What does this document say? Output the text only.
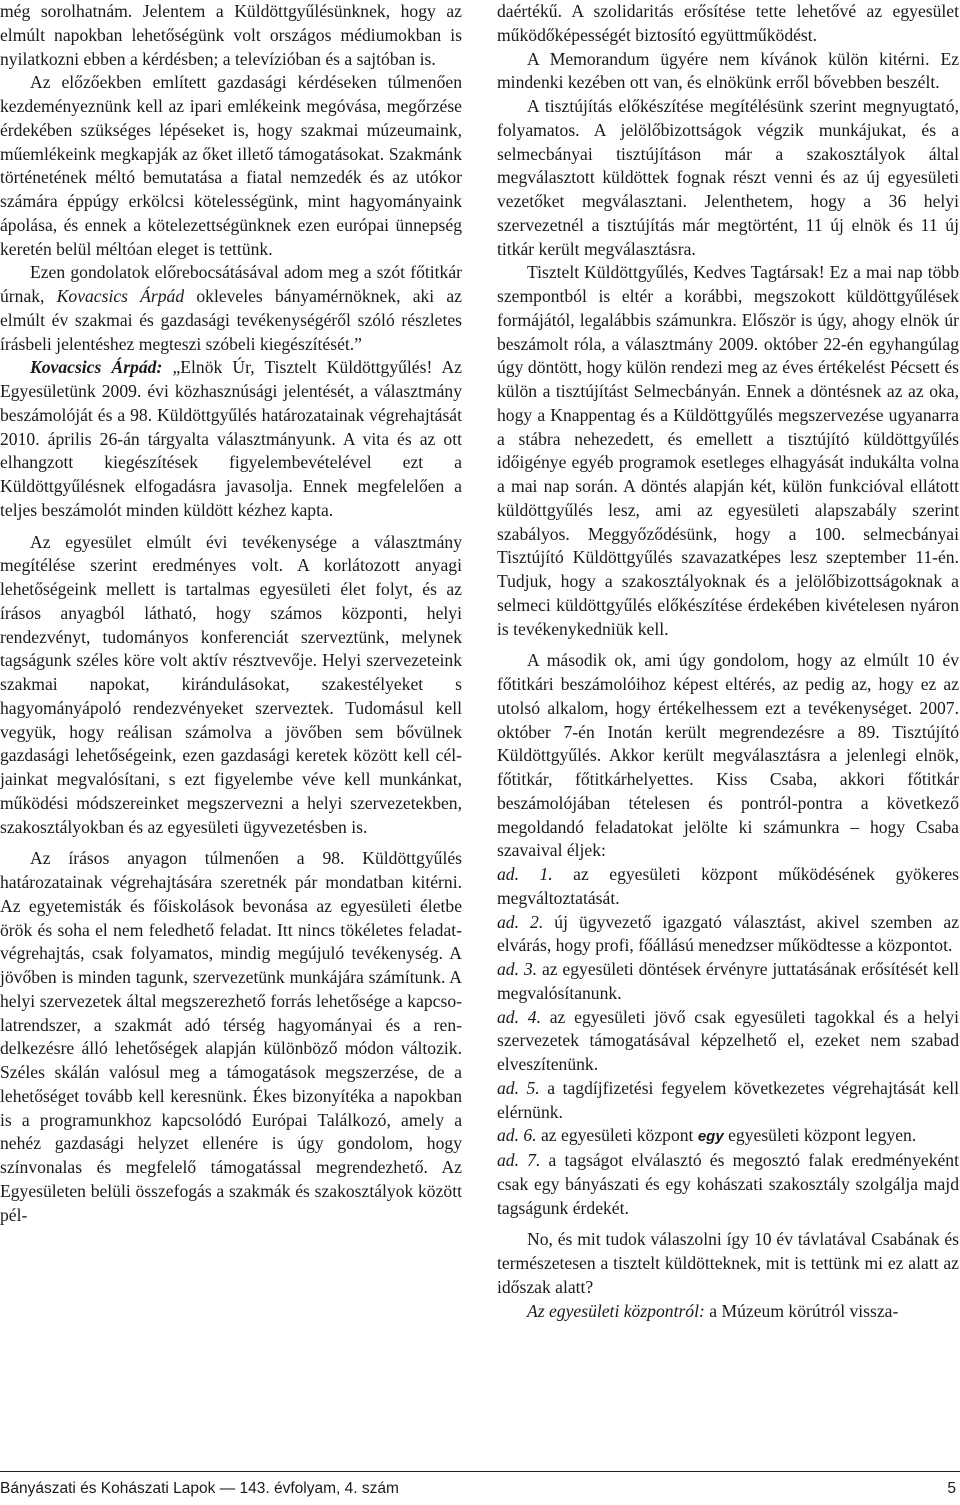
még sorolhatnám. Jelentem a Küldöttgyűlésünknek, hogy az elmúlt napokban lehetőségünk volt országos médiumokban is nyilatkozni ebben a kérdésben; a televízióban és a sajtóban is.

Az előzőekben említett gazdasági kérdéseken túlmenően kezdeményeznünk kell az ipari emlékeink megóvása, megőrzése érdekében szükséges lépéseket is, hogy szakmai múzeumaink, műemlékeink megkapják az őket illető támogatásokat. Szakmánk történetének méltó bemutatása a fiatal nemzedék és az utókor számára éppúgy erkölcsi kötelességünk, mint hagyományaink ápolása, és ennek a kötelezettségünknek ezen európai ünnepség keretén belül méltóan eleget is tettünk.

Ezen gondolatok előrebocsátásával adom meg a szót főtitkár úrnak, Kovacsics Árpád okleveles bányamérnöknek, aki az elmúlt év szakmai és gazdasági tevékenységéről szóló részletes írásbeli jelentéshez megteszi szóbeli kiegészítését.”

Kovacsics Árpád: „Elnök Úr, Tisztelt Küldöttgyűlés! Az Egyesületünk 2009. évi közhasznúsági jelentését, a választmány beszámolóját és a 98. Küldöttgyűlés határozatainak végrehajtását 2010. április 26-án tárgyalta választmányunk. A vita és az ott elhangzott kiegészítések figyelembevételével ezt a Küldöttgyűlésnek elfogadásra javasolja. Ennek megfelelően a teljes beszámolót minden küldött kézhez kapta.

Az egyesület elmúlt évi tevékenysége a választmány megítélése szerint eredményes volt. A korlátozott anyagi lehetőségeink mellett is tartalmas egyesületi élet folyt, és az írásos anyagból látható, hogy számos központi, helyi rendezvényt, tudományos konferenciát szerveztünk, melynek tagságunk széles köre volt aktív résztvevője. Helyi szervezeteink szakmai napokat, kirándulásokat, szakestélyeket s hagyományápoló rendezvényeket szerveztek. Tudomásul kell vegyük, hogy reálisan számolva a jövőben sem bővülnek gazdasági lehetőségeink, ezen gazdasági keretek között kell céljainkat megvalósítani, s ezt figyelembe véve kell munkánkat, működési módszereinket megszervezni a helyi szervezetekben, szakosztályokban és az egyesületi ügyvezetésben is.

Az írásos anyagon túlmenően a 98. Küldöttgyűlés határozatainak végrehajtására szeretnék pár mondatban kitérni. Az egyetemisták és főiskolások bevonása az egyesületi életbe örök és soha el nem feledhető feladat. Itt nincs tökéletes feladat-végrehajtás, csak folyamatos, mindig megújuló tevékenység. A jövőben is minden tagunk, szervezetünk munkájára számítunk. A helyi szervezetek által megszerezhető forrás lehetősége a kapcsolatrendszer, a szakmát adó térség hagyományai és a rendelkezésre álló lehetőségek alapján különböző módon változik. Széles skálán valósul meg a támogatások megszerzése, de a lehetőséget tovább kell keresnünk. Ékes bizonyítéka a napokban is a programunkhoz kapcsolódó Európai Találkozó, amely a nehéz gazdasági helyzet ellenére is úgy gondolom, hogy színvonalas és megfelelő támogatással megrendezhető. Az Egyesületen belüli összefogás a szakmák és szakosztályok között pél-

daértékű. A szolidaritás erősítése tette lehetővé az egyesület működőképességét biztosító együttműködést.

A Memorandum ügyére nem kívánok külön kitérni. Ez mindenki kezében ott van, és elnökünk erről bővebben beszélt.

A tisztújítás előkészítése megítélésünk szerint megnyugtató, folyamatos. A jelölőbizottságok végzik munkájukat, és a selmecbányai tisztújításon már a szakosztályok által megválasztott küldöttek fognak részt venni és az új egyesületi vezetőket megválasztani. Jelenthetem, hogy a 36 helyi szervezetnél a tisztújítás már megtörtént, 11 új elnök és 11 új titkár került megválasztásra.

Tisztelt Küldöttgyűlés, Kedves Tagtársak! Ez a mai nap több szempontból is eltér a korábbi, megszokott küldöttgyűlések formájától, legalábbis számunkra. Először is úgy, ahogy elnök úr beszámolt róla, a választmány 2009. október 22-én egyhangúlag úgy döntött, hogy külön rendezi meg az éves értékelést Pécsett és külön a tisztújítást Selmecbányán. Ennek a döntésnek az az oka, hogy a Knappentag és a Küldöttgyűlés megszervezése ugyanarra a stábra nehezedett, és emellett a tisztújító küldöttgyűlés időigénye egyéb programok esetleges elhagyását indukálta volna a mai nap során. A döntés alapján két, külön funkcióval ellátott küldöttgyűlés lesz, ami az egyesületi alapszabály szerint szabályos. Meggyőződésünk, hogy a 100. selmecbányai Tisztújító Küldöttgyűlés szavazatképes lesz szeptember 11-én. Tudjuk, hogy a szakosztályoknak és a jelölőbizottságoknak a selmeci küldöttgyűlés előkészítése érdekében kivételesen nyáron is tevékenykedniük kell.

A második ok, ami úgy gondolom, hogy az elmúlt 10 év főtitkári beszámolóihoz képest eltérés, az pedig az, hogy ez az utolsó alkalom, hogy értékelhessem ezt a tevékenységet. 2007. október 7-én Inotán került megrendezésre a 89. Tisztújító Küldöttgyűlés. Akkor került megválasztásra a jelenlegi elnök, főtitkár, főtitkárhelyettes. Kiss Csaba, akkori főtitkár beszámolójában tételesen és pontról-pontra a következő megoldandó feladatokat jelölte ki számunkra – hogy Csaba szavaival éljek:

ad. 1. az egyesületi központ működésének gyökeres megváltoztatását.

ad. 2. új ügyvezető igazgató választást, akivel szemben az elvárás, hogy profi, főállású menedzser működtesse a központot.

ad. 3. az egyesületi döntések érvényre juttatásának erősítését kell megvalósítanunk.

ad. 4. az egyesületi jövő csak egyesületi tagokkal és a helyi szervezetek támogatásával képzelhető el, ezeket nem szabad elveszítenünk.

ad. 5. a tagdíjfizetési fegyelem következetes végrehajtását kell elérnünk.

ad. 6. az egyesületi központ egy egyesületi központ legyen.

ad. 7. a tagságot elválasztó és megosztó falak eredményeként csak egy bányászati és egy kohászati szakosztály szolgálja majd tagságunk érdekét.

No, és mit tudok válaszolni így 10 év távlatával Csabának és természetesen a tisztelt küldötteknek, mit is tettünk mi ez alatt az időszak alatt?

Az egyesületi központról: a Múzeum körútról vissza-

Bányászati és Kohászati Lapok — 143. évfolyam, 4. szám	5
